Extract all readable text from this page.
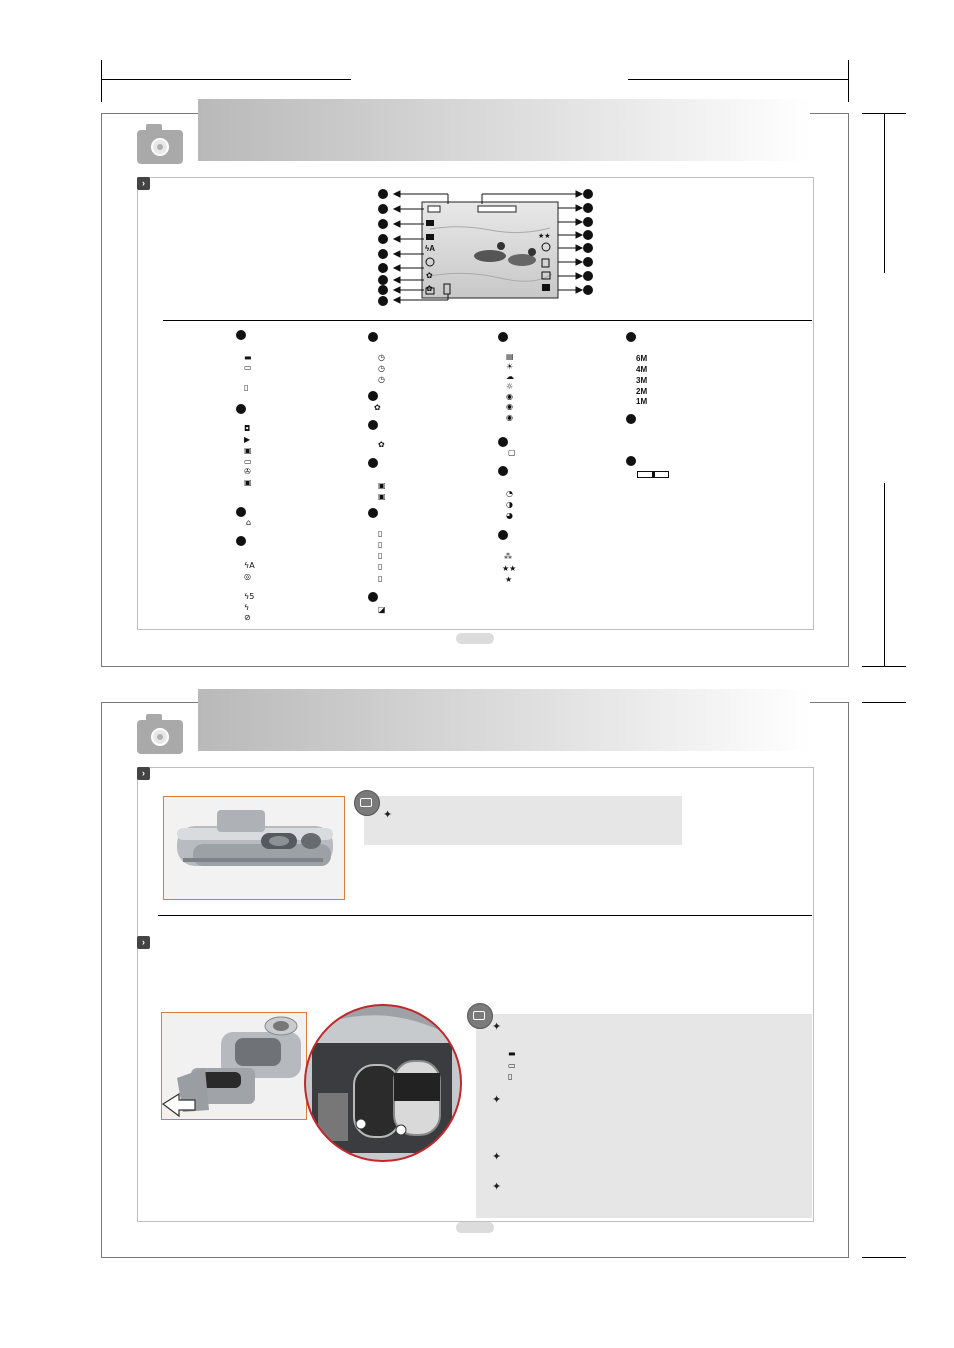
›
ϟA
✿
✿
★★
▬
▭
▯
◘
▶
▣
▭
✇
▣
⌂
ϟA
◎
ϟ5
ϟ
⊘
◷
◷
◷
✿
✿
▣
▣
▯
▯
▯
▯
▯
◪
▤
☀
☁
☼
◉
◉
◉
▢
◔
◑
◕
⁂
★★
★
6M
4M
3M
2M
1M
›
✦
›
✦
▬
▭
▯
✦
✦
✦
